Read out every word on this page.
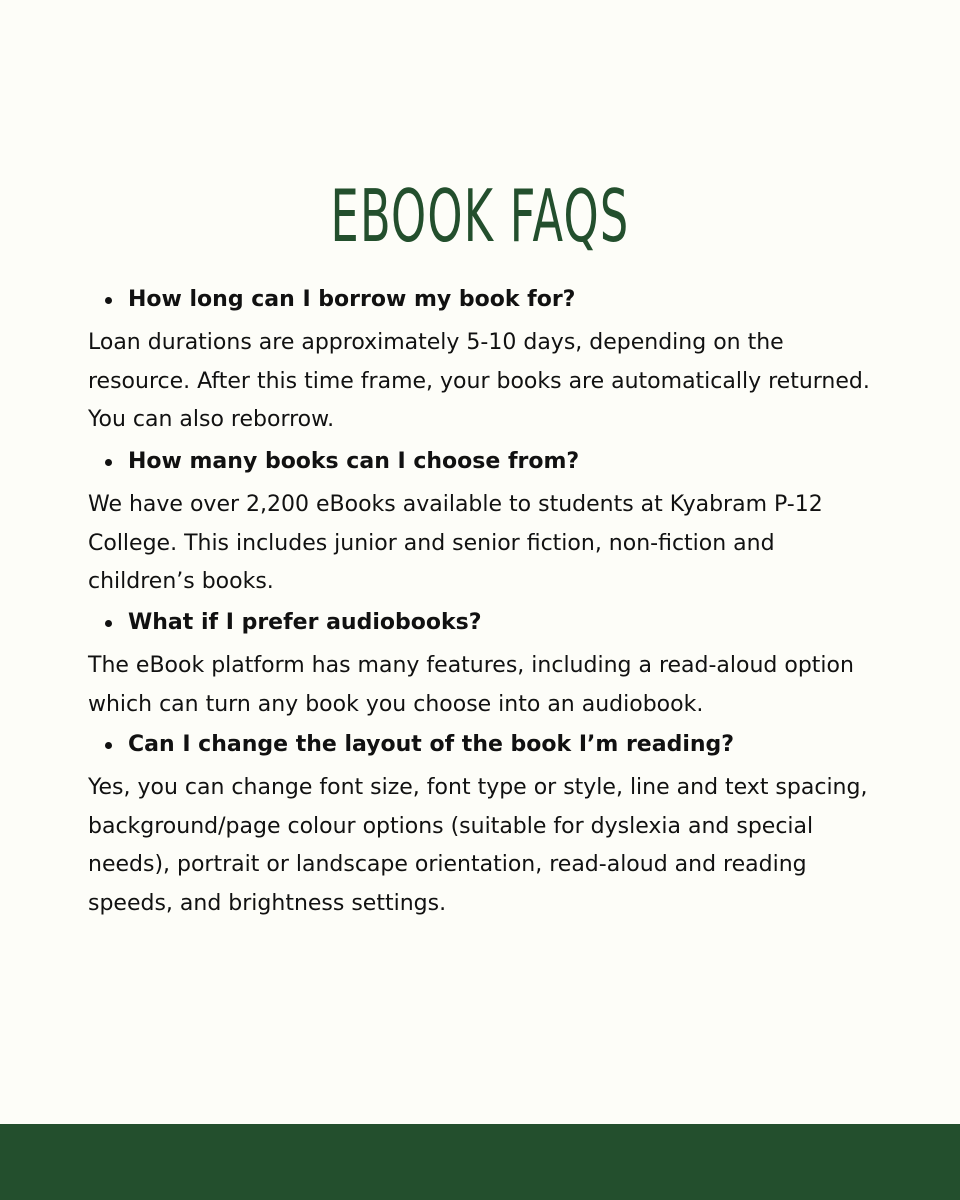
EBOOK FAQS

How long can I borrow my book for?

Loan durations are approximately 5-10 days, depending on the resource. After this time frame, your books are automatically returned. You can also reborrow.

How many books can I choose from?

We have over 2,200 eBooks available to students at Kyabram P-12 College. This includes junior and senior fiction, non-fiction and children’s books.

What if I prefer audiobooks?

The eBook platform has many features, including a read-aloud option which can turn any book you choose into an audiobook.

Can I change the layout of the book I’m reading?

Yes, you can change font size, font type or style, line and text spacing, background/page colour options (suitable for dyslexia and special needs), portrait or landscape orientation, read-aloud and reading speeds, and brightness settings.
